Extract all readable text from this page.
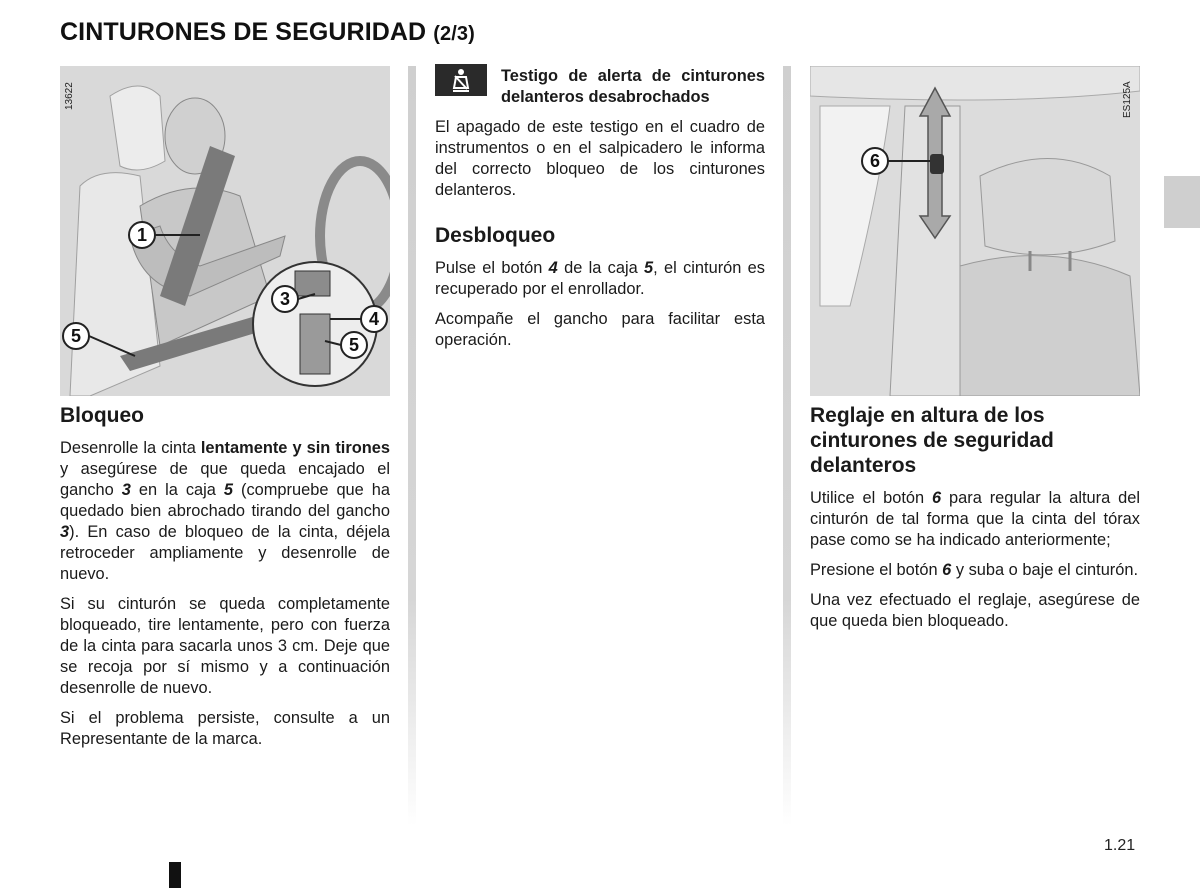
CINTURONES DE SEGURIDAD (2/3)
1
3
4
5
5
13622
Bloqueo

Desenrolle la cinta lentamente y sin tirones y asegúrese de que queda encajado el gancho 3 en la caja 5 (compruebe que ha quedado bien abrochado tirando del gancho 3). En caso de bloqueo de la cinta, déjela retroceder ampliamente y desenrolle de nuevo.

Si su cinturón se queda completamente bloqueado, tire lentamente, pero con fuerza de la cinta para sacarla unos 3 cm. Deje que se recoja por sí mismo y a continuación desenrolle de nuevo.

Si el problema persiste, consulte a un Representante de la marca.

Testigo de alerta de cinturones delanteros desabrochados

El apagado de este testigo en el cuadro de instrumentos o en el salpicadero le informa del correcto bloqueo de los cinturones delanteros.

Desbloqueo

Pulse el botón 4 de la caja 5, el cinturón es recuperado por el enrollador.

Acompañe el gancho para facilitar esta operación.

6
ES125A
Reglaje en altura de los cinturones de seguridad delanteros

Utilice el botón 6 para regular la altura del cinturón de tal forma que la cinta del tórax pase como se ha indicado anteriormente;

Presione el botón 6 y suba o baje el cinturón.

Una vez efectuado el reglaje, asegúrese de que queda bien bloqueado.

1.21
